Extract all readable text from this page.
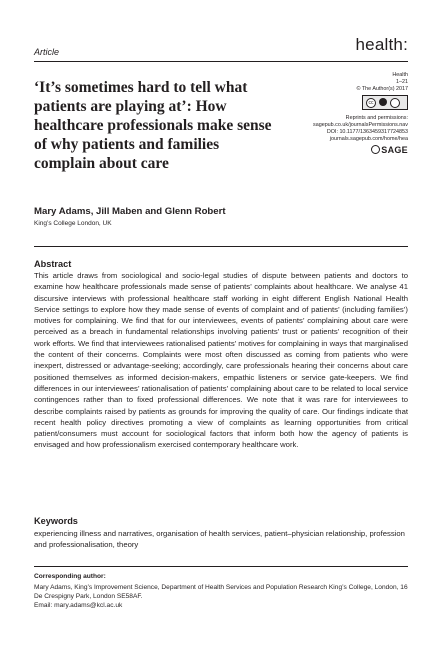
Article	health:
‘It’s sometimes hard to tell what patients are playing at’: How healthcare professionals make sense of why patients and families complain about care
Health
1–21
© The Author(s) 2017
cc
Reprints and permissions:
sagepub.co.uk/journalsPermissions.nav
DOI: 10.1177/1363459317724853
journals.sagepub.com/home/hea
SAGE
Mary Adams, Jill Maben and Glenn Robert
King’s College London, UK
Abstract
This article draws from sociological and socio-legal studies of dispute between patients and doctors to examine how healthcare professionals made sense of patients’ complaints about healthcare. We analyse 41 discursive interviews with professional healthcare staff working in eight different English National Health Service settings to explore how they made sense of events of complaint and of patients’ (including families’) motives for complaining. We find that for our interviewees, events of patients’ complaining about care were perceived as a breach in fundamental relationships involving patients’ trust or patients’ recognition of their work efforts. We find that interviewees rationalised patients’ motives for complaining in ways that marginalised the content of their concerns. Complaints were most often discussed as coming from patients who were inexpert, distressed or advantage-seeking; accordingly, care professionals hearing their concerns about care positioned themselves as informed decision-makers, empathic listeners or service gate-keepers. We find differences in our interviewees’ rationalisation of patients’ complaining about care to be related to local service contingences rather than to fixed professional differences. We note that it was rare for interviewees to describe complaints raised by patients as grounds for improving the quality of care. Our findings indicate that recent health policy directives promoting a view of complaints as learning opportunities from critical patient/consumers must account for sociological factors that inform both how the agency of patients is envisaged and how professionalism exercised contemporary healthcare work.
Keywords
experiencing illness and narratives, organisation of health services, patient–physician relationship, profession and professionalisation, theory
Corresponding author:
Mary Adams, King’s Improvement Science, Department of Health Services and Population Research King’s College, London, 16 De Crespigny Park, London SE58AF.
Email: mary.adams@kcl.ac.uk
